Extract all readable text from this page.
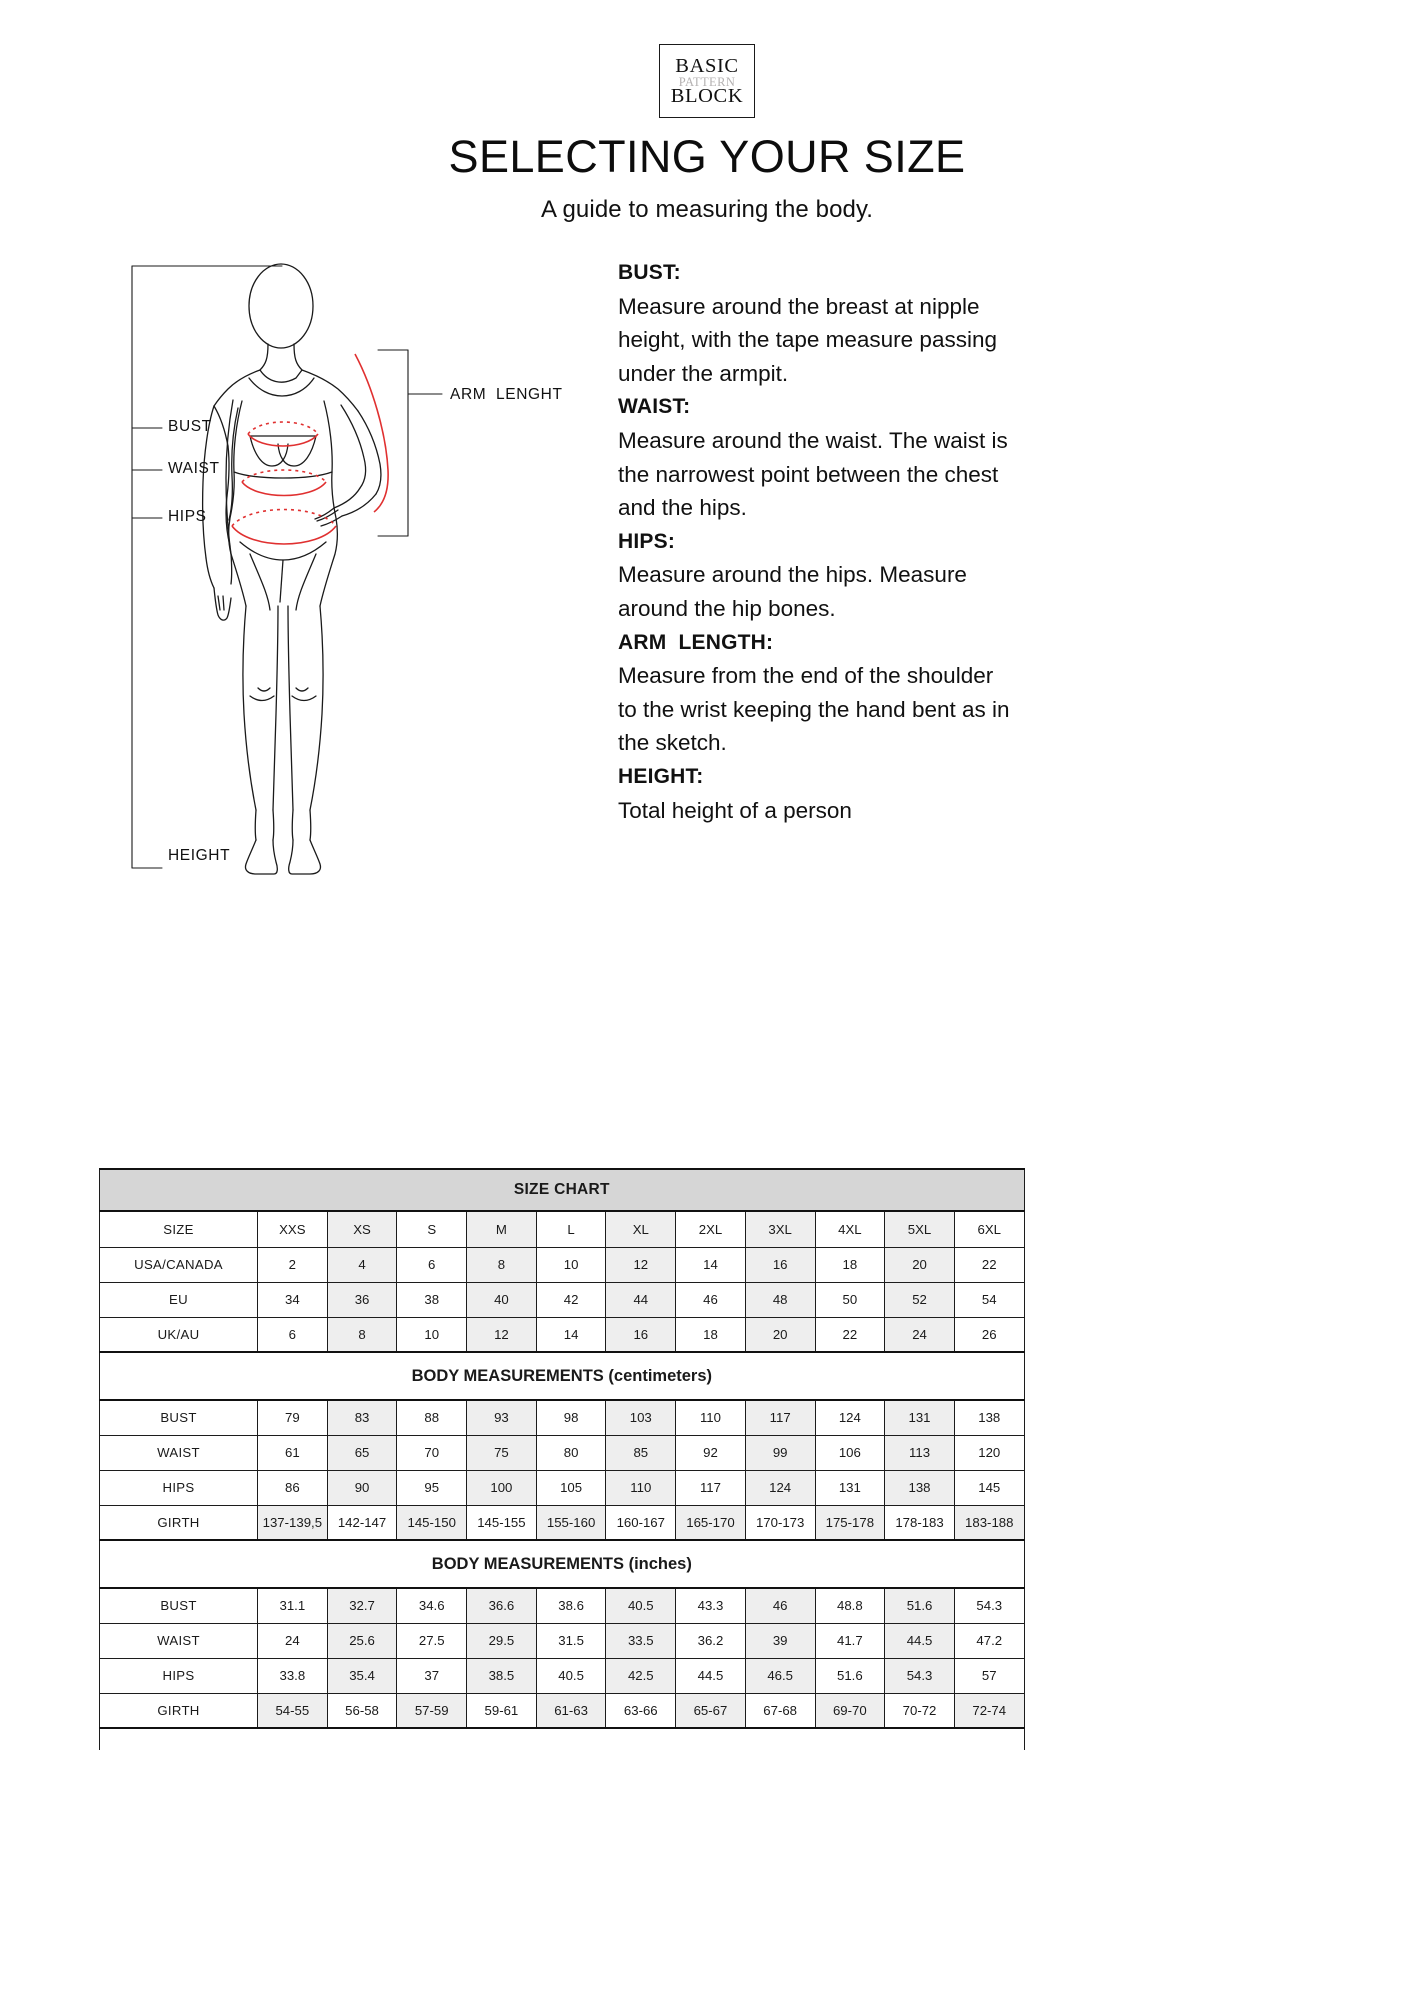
BASIC
PATTERN
BLOCK
SELECTING YOUR SIZE
A guide to measuring the body.
BUST
WAIST
HIPS
HEIGHT
ARM  LENGHT
BUST:
Measure around the breast at nipple height, with the tape measure passing under the armpit.
WAIST:
Measure around the waist. The waist is the narrowest point between the chest and the hips.
HIPS:
Measure around the hips. Measure around the hip bones.
ARM  LENGTH:
Measure from the end of the shoulder to the wrist keeping the hand bent as in the sketch.
HEIGHT:
Total height of a person
SIZE CHART											
SIZE	XXS	XS	S	M	L	XL	2XL	3XL	4XL	5XL	6XL
USA/CANADA	2	4	6	8	10	12	14	16	18	20	22
EU	34	36	38	40	42	44	46	48	50	52	54
UK/AU	6	8	10	12	14	16	18	20	22	24	26
BODY MEASUREMENTS (centimeters)											
BUST	79	83	88	93	98	103	110	117	124	131	138
WAIST	61	65	70	75	80	85	92	99	106	113	120
HIPS	86	90	95	100	105	110	117	124	131	138	145
GIRTH	137-139,5	142-147	145-150	145-155	155-160	160-167	165-170	170-173	175-178	178-183	183-188
BODY MEASUREMENTS (inches)											
BUST	31.1	32.7	34.6	36.6	38.6	40.5	43.3	46	48.8	51.6	54.3
WAIST	24	25.6	27.5	29.5	31.5	33.5	36.2	39	41.7	44.5	47.2
HIPS	33.8	35.4	37	38.5	40.5	42.5	44.5	46.5	51.6	54.3	57
GIRTH	54-55	56-58	57-59	59-61	61-63	63-66	65-67	67-68	69-70	70-72	72-74
